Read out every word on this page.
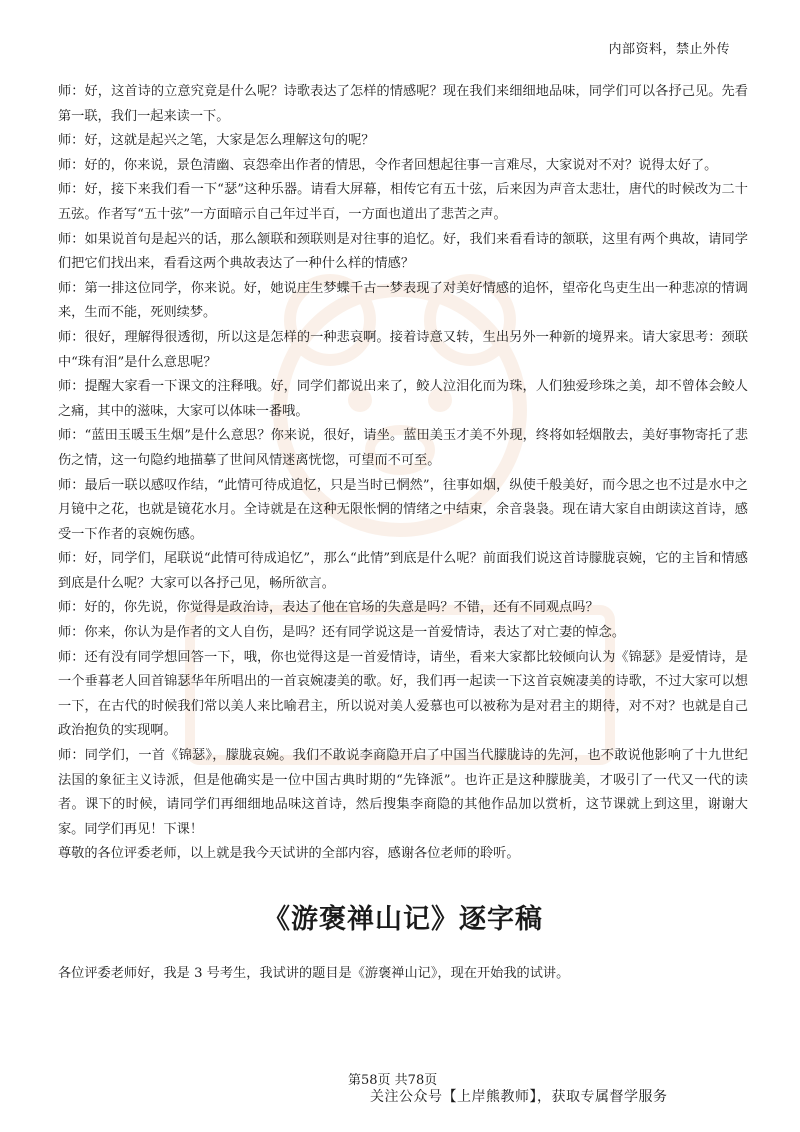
内部资料，禁止外传

师：好，这首诗的立意究竟是什么呢？诗歌表达了怎样的情感呢？现在我们来细细地品味，同学们可以各抒己见。先看第一联，我们一起来读一下。

师：好，这就是起兴之笔，大家是怎么理解这句的呢？

师：好的，你来说，景色清幽、哀怨牵出作者的情思，令作者回想起往事一言难尽，大家说对不对？说得太好了。

师：好，接下来我们看一下“瑟”这种乐器。请看大屏幕，相传它有五十弦，后来因为声音太悲壮，唐代的时候改为二十五弦。作者写“五十弦”一方面暗示自己年过半百，一方面也道出了悲苦之声。

师：如果说首句是起兴的话，那么颔联和颈联则是对往事的追忆。好，我们来看看诗的颔联，这里有两个典故，请同学们把它们找出来，看看这两个典故表达了一种什么样的情感？

师：第一排这位同学，你来说。好，她说庄生梦蝶千古一梦表现了对美好情感的追怀，望帝化鸟吏生出一种悲凉的情调来，生而不能，死则续梦。

师：很好，理解得很透彻，所以这是怎样的一种悲哀啊。接着诗意又转，生出另外一种新的境界来。请大家思考：颈联中“珠有泪”是什么意思呢？

师：提醒大家看一下课文的注释哦。好，同学们都说出来了，鲛人泣泪化而为珠，人们独爱珍珠之美，却不曾体会鲛人之痛，其中的滋味，大家可以体味一番哦。

师：“蓝田玉暖玉生烟”是什么意思？你来说，很好，请坐。蓝田美玉才美不外现，终将如轻烟散去，美好事物寄托了悲伤之情，这一句隐约地描摹了世间风情迷离恍惚，可望而不可至。

师：最后一联以感叹作结，“此情可待成追忆，只是当时已惘然”，往事如烟，纵使千般美好，而今思之也不过是水中之月镜中之花，也就是镜花水月。全诗就是在这种无限怅惘的情绪之中结束，余音袅袅。现在请大家自由朗读这首诗，感受一下作者的哀婉伤感。

师：好，同学们，尾联说“此情可待成追忆”，那么“此情”到底是什么呢？前面我们说这首诗朦胧哀婉，它的主旨和情感到底是什么呢？大家可以各抒己见，畅所欲言。

师：好的，你先说，你觉得是政治诗，表达了他在官场的失意是吗？不错，还有不同观点吗？

师：你来，你认为是作者的文人自伤，是吗？还有同学说这是一首爱情诗，表达了对亡妻的悼念。

师：还有没有同学想回答一下，哦，你也觉得这是一首爱情诗，请坐，看来大家都比较倾向认为《锦瑟》是爱情诗，是一个垂暮老人回首锦瑟华年所唱出的一首哀婉凄美的歌。好，我们再一起读一下这首哀婉凄美的诗歌，不过大家可以想一下，在古代的时候我们常以美人来比喻君主，所以说对美人爱慕也可以被称为是对君主的期待，对不对？也就是自己政治抱负的实现啊。

师：同学们，一首《锦瑟》，朦胧哀婉。我们不敢说李商隐开启了中国当代朦胧诗的先河，也不敢说他影响了十九世纪法国的象征主义诗派，但是他确实是一位中国古典时期的“先锋派”。也许正是这种朦胧美，才吸引了一代又一代的读者。课下的时候，请同学们再细细地品味这首诗，然后搜集李商隐的其他作品加以赏析，这节课就上到这里，谢谢大家。同学们再见！下课！

尊敬的各位评委老师，以上就是我今天试讲的全部内容，感谢各位老师的聆听。

《游褒禅山记》逐字稿

各位评委老师好，我是 3 号考生，我试讲的题目是《游褒禅山记》，现在开始我的试讲。

第58页 共78页
关注公众号【上岸熊教师】，获取专属督学服务
